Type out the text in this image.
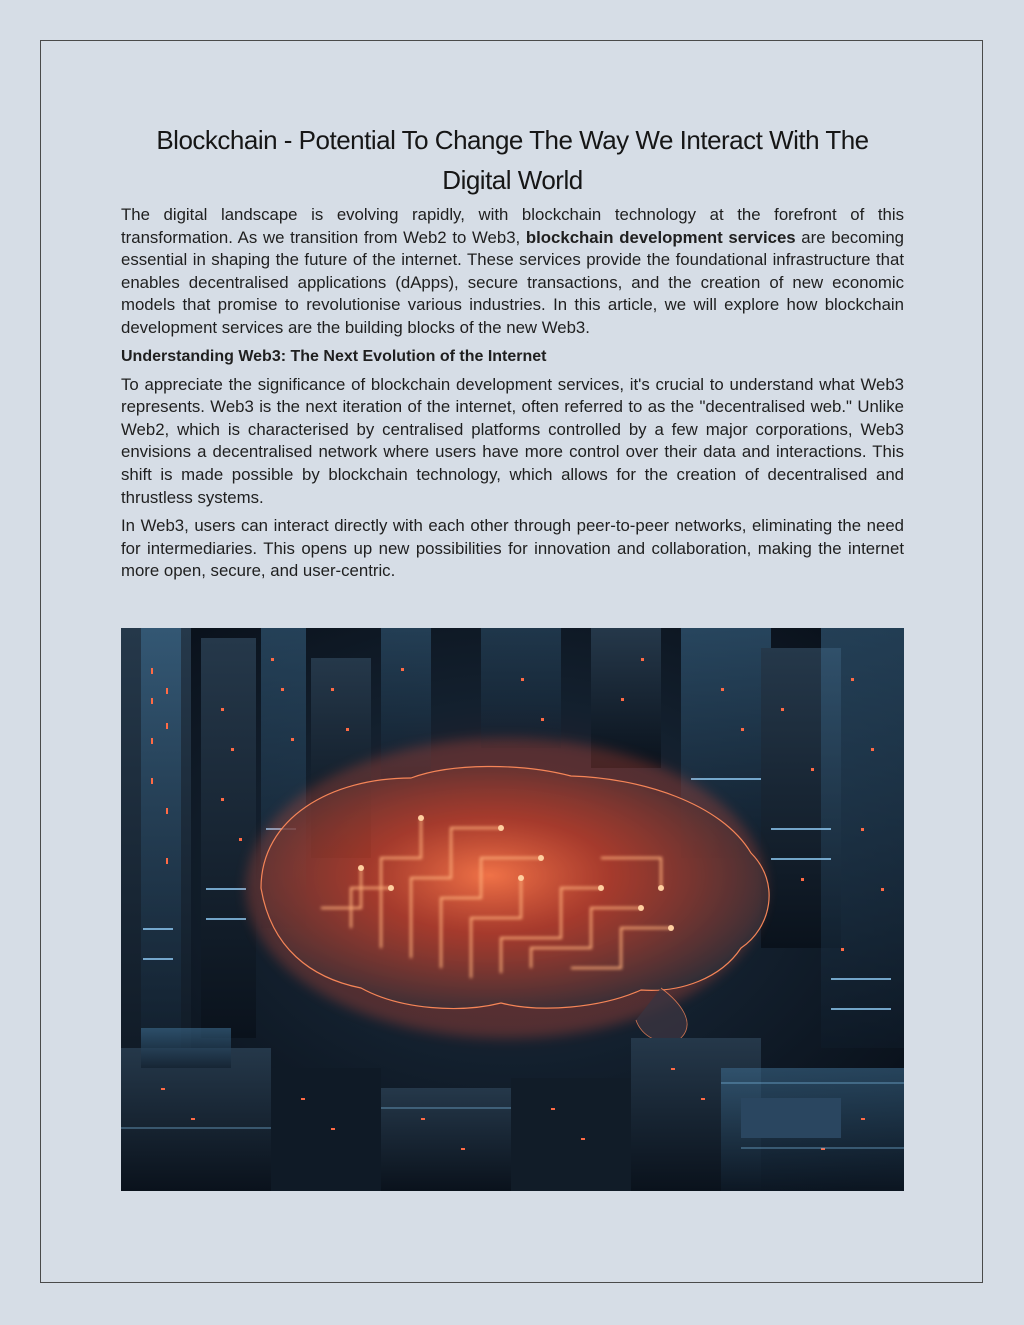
Blockchain - Potential To Change The Way We Interact With The
Digital World

The digital landscape is evolving rapidly, with blockchain technology at the forefront of this transformation. As we transition from Web2 to Web3, blockchain development services are becoming essential in shaping the future of the internet. These services provide the foundational infrastructure that enables decentralised applications (dApps), secure transactions, and the creation of new economic models that promise to revolutionise various industries. In this article, we will explore how blockchain development services are the building blocks of the new Web3.

Understanding Web3: The Next Evolution of the Internet

To appreciate the significance of blockchain development services, it's crucial to understand what Web3 represents. Web3 is the next iteration of the internet, often referred to as the "decentralised web." Unlike Web2, which is characterised by centralised platforms controlled by a few major corporations, Web3 envisions a decentralised network where users have more control over their data and interactions. This shift is made possible by blockchain technology, which allows for the creation of decentralised and thrustless systems.

In Web3, users can interact directly with each other through peer-to-peer networks, eliminating the need for intermediaries. This opens up new possibilities for innovation and collaboration, making the internet more open, secure, and user-centric.
